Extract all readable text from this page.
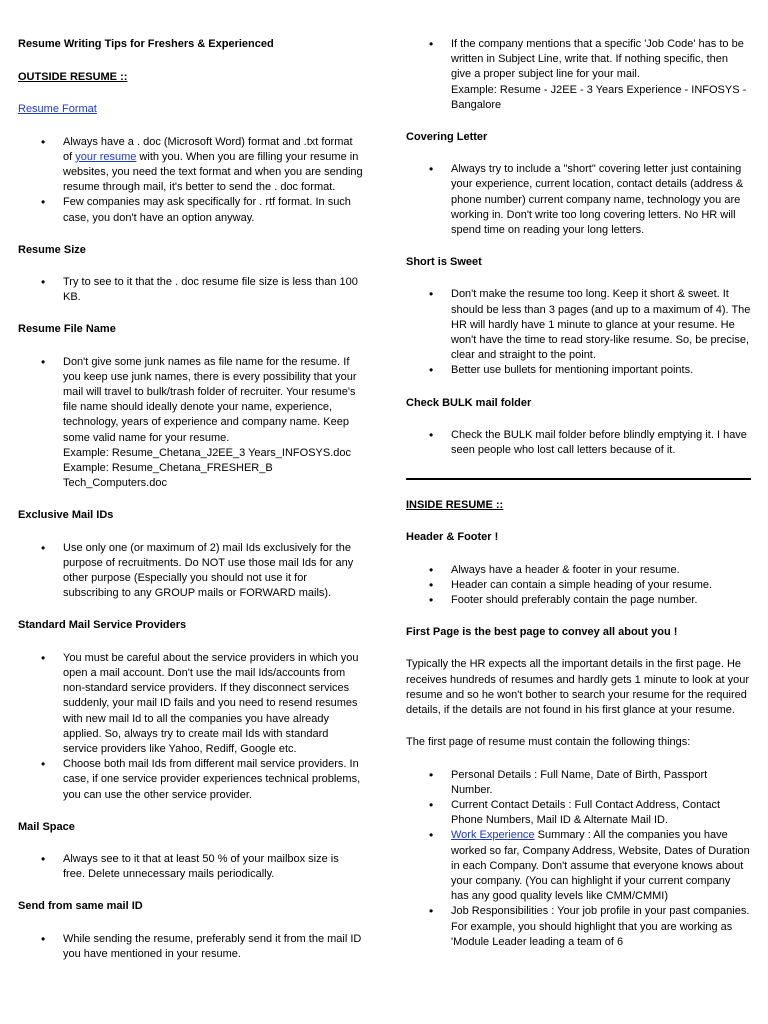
Resume Writing Tips for Freshers & Experienced
OUTSIDE RESUME ::
Resume Format
• Always have a . doc (Microsoft Word) format and .txt format of your resume with you. When you are filling your resume in websites, you need the text format and when you are sending resume through mail, it's better to send the . doc format.
• Few companies may ask specifically for . rtf format. In such case, you don't have an option anyway.
Resume Size
• Try to see to it that the . doc resume file size is less than 100 KB.
Resume File Name
• Don't give some junk names as file name for the resume. If you keep use junk names, there is every possibility that your mail will travel to bulk/trash folder of recruiter. Your resume's file name should ideally denote your name, experience, technology, years of experience and company name. Keep some valid name for your resume.
Example: Resume_Chetana_J2EE_3 Years_INFOSYS.doc
Example: Resume_Chetana_FRESHER_B Tech_Computers.doc
Exclusive Mail IDs
• Use only one (or maximum of 2) mail Ids exclusively for the purpose of recruitments. Do NOT use those mail Ids for any other purpose (Especially you should not use it for subscribing to any GROUP mails or FORWARD mails).
Standard Mail Service Providers
• You must be careful about the service providers in which you open a mail account. Don't use the mail Ids/accounts from non-standard service providers. If they disconnect services suddenly, your mail ID fails and you need to resend resumes with new mail Id to all the companies you have already applied. So, always try to create mail Ids with standard service providers like Yahoo, Rediff, Google etc.
• Choose both mail Ids from different mail service providers. In case, if one service provider experiences technical problems, you can use the other service provider.
Mail Space
• Always see to it that at least 50 % of your mailbox size is free. Delete unnecessary mails periodically.
Send from same mail ID
• While sending the resume, preferably send it from the mail ID you have mentioned in your resume.
• If the company mentions that a specific 'Job Code' has to be written in Subject Line, write that. If nothing specific, then give a proper subject line for your mail.
Example: Resume - J2EE - 3 Years Experience - INFOSYS - Bangalore
Covering Letter
• Always try to include a "short" covering letter just containing your experience, current location, contact details (address & phone number) current company name, technology you are working in. Don't write too long covering letters. No HR will spend time on reading your long letters.
Short is Sweet
• Don't make the resume too long. Keep it short & sweet. It should be less than 3 pages (and up to a maximum of 4). The HR will hardly have 1 minute to glance at your resume. He won't have the time to read story-like resume. So, be precise, clear and straight to the point.
• Better use bullets for mentioning important points.
Check BULK mail folder
• Check the BULK mail folder before blindly emptying it. I have seen people who lost call letters because of it.
INSIDE RESUME ::
Header & Footer !
• Always have a header & footer in your resume.
• Header can contain a simple heading of your resume.
• Footer should preferably contain the page number.
First Page is the best page to convey all about you !

Typically the HR expects all the important details in the first page. He receives hundreds of resumes and hardly gets 1 minute to look at your resume and so he won't bother to search your resume for the required details, if the details are not found in his first glance at your resume.

The first page of resume must contain the following things:

• Personal Details : Full Name, Date of Birth, Passport Number.
• Current Contact Details : Full Contact Address, Contact Phone Numbers, Mail ID & Alternate Mail ID.
• Work Experience Summary : All the companies you have worked so far, Company Address, Website, Dates of Duration in each Company. Don't assume that everyone knows about your company. (You can highlight if your current company has any good quality levels like CMM/CMMI)
• Job Responsibilities : Your job profile in your past companies. For example, you should highlight that you are working as 'Module Leader leading a team of 6
